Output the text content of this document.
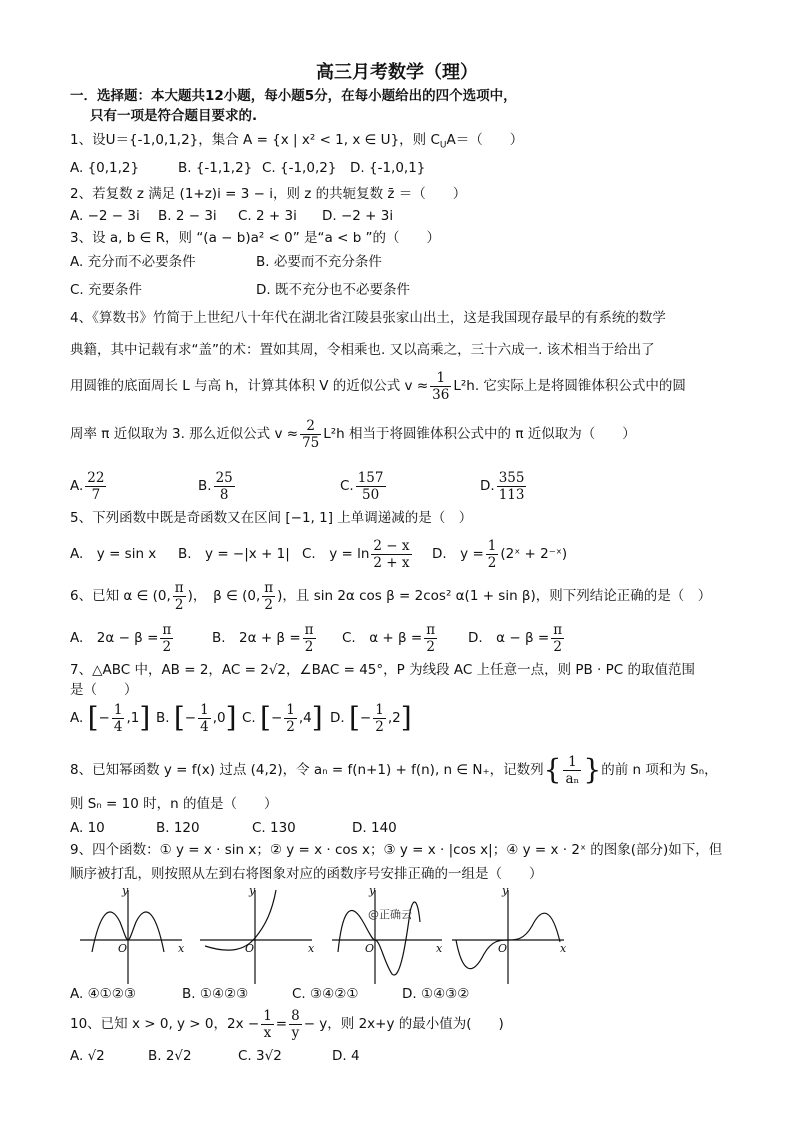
高三月考数学（理）
一．选择题：本大题共12小题，每小题5分，在每小题给出的四个选项中，
只有一项是符合题目要求的.
1、设U＝{-1,0,1,2}，集合 A = {x | x² < 1, x ∈ U}，则 $C_UA=$（　　）
A. {0,1,2}	B. {-1,1,2} C. {-1,0,2} D. {-1,0,1}
2、若复数 z 满足 (1+z)i = 3 − i，则 z 的共轭复数 z̄ ＝（　　）
A. −2 − 3i B. 2 − 3i C. 2 + 3i D. −2 + 3i
3、设 a, b ∈ R，则 “(a − b)a² < 0” 是“a < b ”的（　　）
A. 充分而不必要条件	B. 必要而不充分条件
C. 充要条件	D. 既不充分也不必要条件
4、《算数书》竹简于上世纪八十年代在湖北省江陵县张家山出土，这是我国现存最早的有系统的数学
典籍，其中记载有求“盖”的术：置如其周，令相乘也. 又以高乘之，三十六成一. 该术相当于给出了
用圆锥的底面周长 L 与高 h，计算其体积 V 的近似公式 $v \approx \frac{1}{36} L^2h$. 它实际上是将圆锥体积公式中的圆
周率 π 近似取为 3. 那么近似公式 $v \approx \frac{2}{75} L^2h$ 相当于将圆锥体积公式中的 π 近似取为（　　）
A. $\frac{22}{7}$	B. $\frac{25}{8}$	C. $\frac{157}{50}$	D. $\frac{355}{113}$
5、下列函数中既是奇函数又在区间 [−1, 1] 上单调递减的是（　）
A.　y = sin x B.　y = −|x + 1| C.　$y = \ln \frac{2 - x}{2 + x} D$.　$y = \frac{1}{2}$ (2ˣ + 2⁻ˣ)
6、已知 α ∈ (0, $\frac{\pi}{2}$ )，　β ∈ (0, $\frac{\pi}{2}$ )，且 sin 2α cos β = 2cos² α(1 + sin β)，则下列结论正确的是（　）
A.　$2\alpha - \beta = \frac{\pi}{2}$	B.　$2\alpha + \beta = \frac{\pi}{2} C$.　$\alpha + \beta = \frac{\pi}{2} D$.　$\alpha - \beta = \frac{\pi}{2}$
7、△ABC 中，AB = 2，AC = 2√2，∠BAC = 45°，P 为线段 AC 上任意一点，则 PB · PC 的取值范围
是（　　）
A. [− $\frac{1}{4} ,1$] B. [− $\frac{1}{4} ,0$] C. [− $\frac{1}{2} ,4$] D. [− $\frac{1}{2} ,2$]
8、已知幂函数 y = f(x) 过点 (4,2)，令 aₙ = f(n+1) + f(n), n ∈ N₊，记数列{ $\frac{1}{\text{aₙ}}$ }的前 n 项和为 Sₙ，
则 Sₙ = 10 时，n 的值是（　　）
A. 10	B. 120	C. 130	D. 140
9、四个函数：① y = x · sin x；② y = x · cos x；③ y = x · |cos x|；④ y = x · 2ˣ 的图象(部分)如下，但
顺序被打乱，则按照从左到右将图象对应的函数序号安排正确的一组是（　　）
y
x
O
y
x
O
y
x
O
y
x
O
@正确云
A. ④①②③	B. ①④②③	C. ③④②①	D. ①④③②
10、已知 x > 0, y > 0，$2x - \frac{1}{x} = \frac{8}{y} - y$，则 2x+y 的最小值为(　　)
A. √2	B. 2√2	C. 3√2	D. 4
